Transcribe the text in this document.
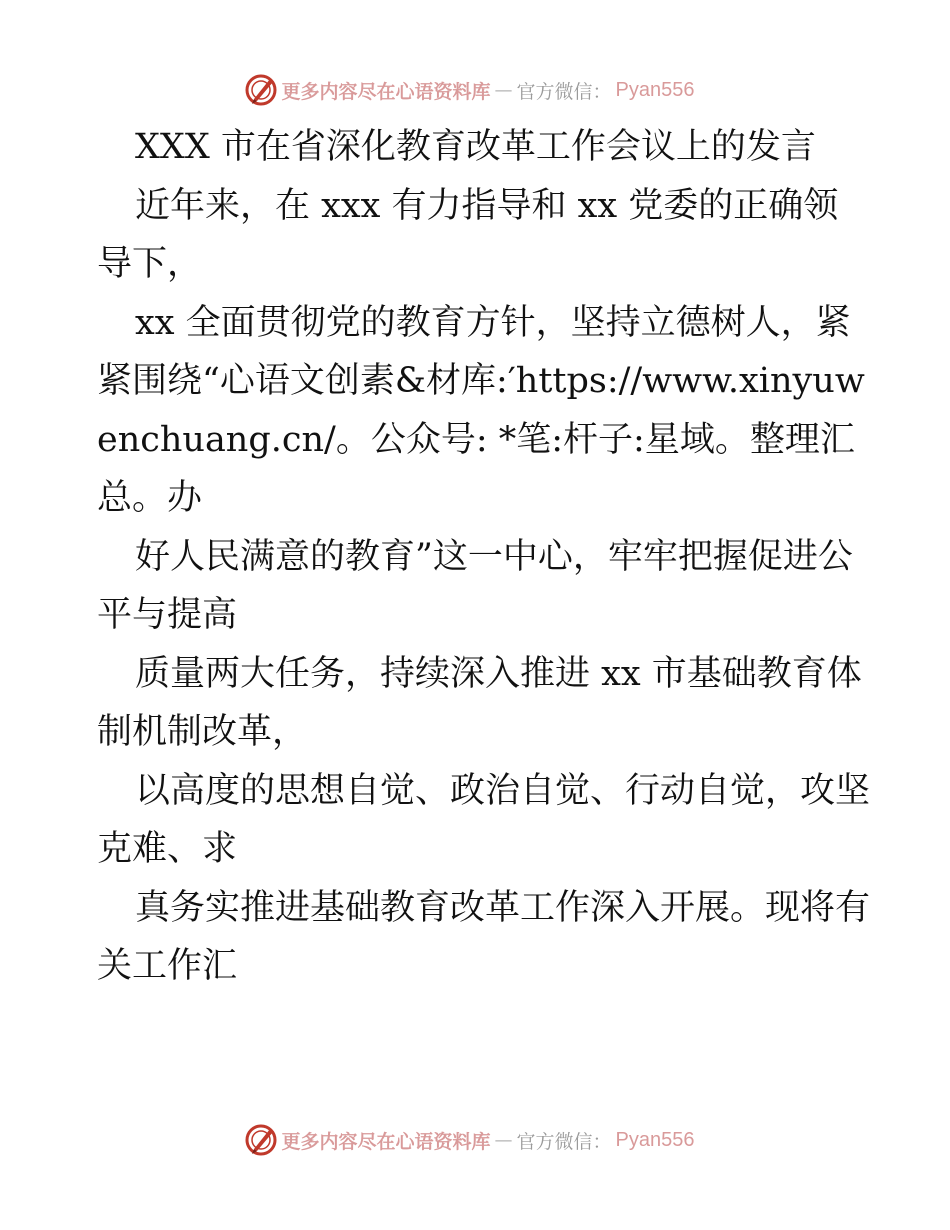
更多内容尽在心语资料库 — 官方微信： Pyan556
XXX 市在省深化教育改革工作会议上的发言
近年来，在 xxx 有力指导和 xx 党委的正确领
导下，
xx 全面贯彻党的教育方针，坚持立德树人，紧
紧围绕“心语文创素&材库:′https://www.xinyuw
enchuang.cn/。公众号: *笔:杆子:星域。整理汇
总。办
好人民满意的教育”这一中心，牢牢把握促进公
平与提高
质量两大任务，持续深入推进 xx 市基础教育体
制机制改革，
以高度的思想自觉、政治自觉、行动自觉，攻坚
克难、求
真务实推进基础教育改革工作深入开展。现将有
关工作汇
更多内容尽在心语资料库 — 官方微信： Pyan556
